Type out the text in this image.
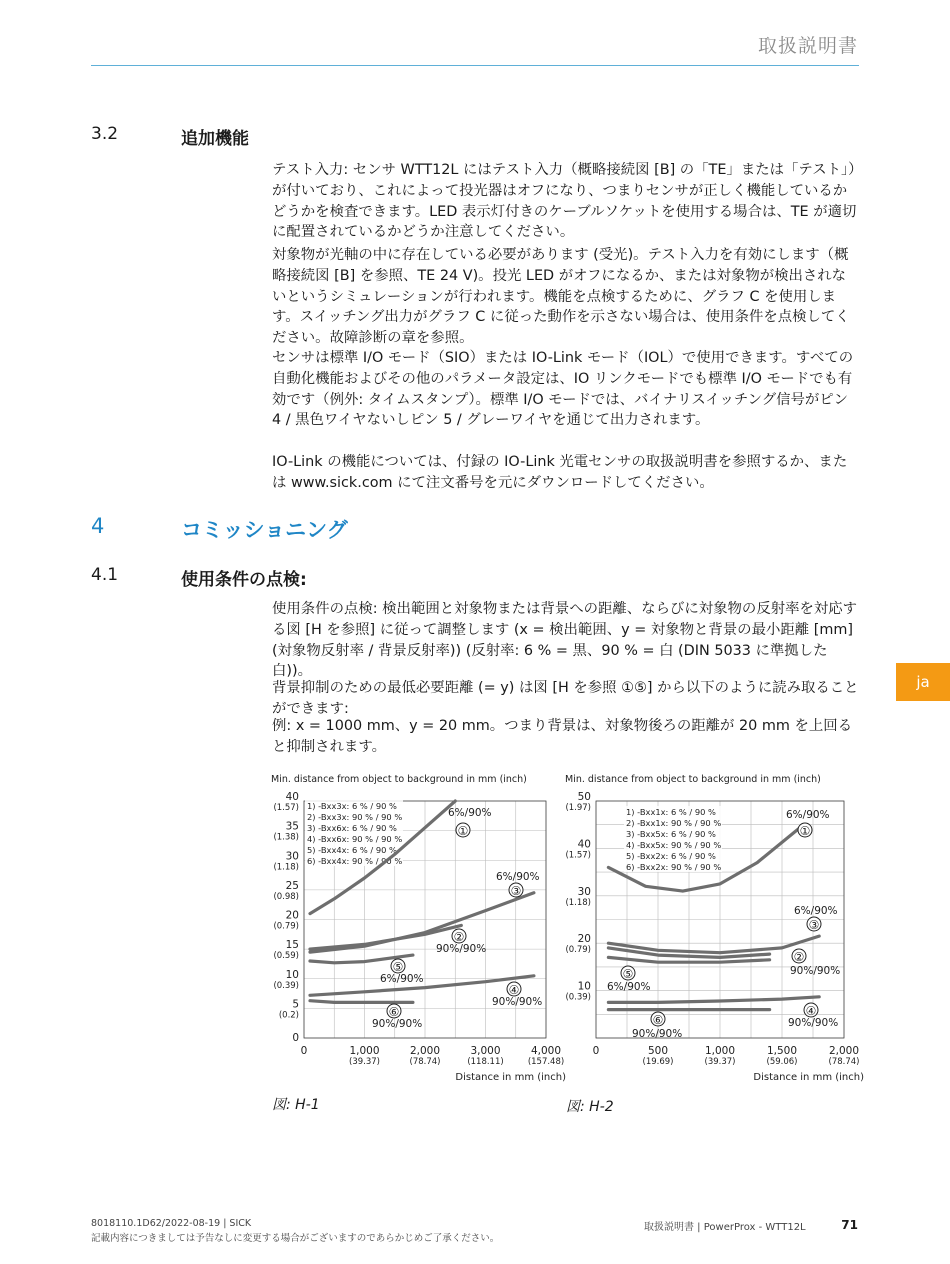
取扱説明書
3.2	追加機能

テスト入力: センサ WTT12L にはテスト入力（概略接続図 [B] の「TE」または「テスト」）が付いており、これによって投光器はオフになり、つまりセンサが正しく機能しているかどうかを検査できます。LED 表示灯付きのケーブルソケットを使用する場合は、TE が適切に配置されているかどうか注意してください。

対象物が光軸の中に存在している必要があります (受光)。テスト入力を有効にします（概略接続図 [B] を参照、TE 24 V)。投光 LED がオフになるか、または対象物が検出されないというシミュレーションが行われます。機能を点検するために、グラフ C を使用します。スイッチング出力がグラフ C に従った動作を示さない場合は、使用条件を点検してください。故障診断の章を参照。

センサは標準 I/O モード（SIO）または IO-Link モード（IOL）で使用できます。すべての自動化機能およびその他のパラメータ設定は、IO リンクモードでも標準 I/O モードでも有効です（例外: タイムスタンプ）。標準 I/O モードでは、バイナリスイッチング信号がピン 4 / 黒色ワイヤないしピン 5 / グレーワイヤを通じて出力されます。

IO-Link の機能については、付録の IO-Link 光電センサの取扱説明書を参照するか、または www.sick.com にて注文番号を元にダウンロードしてください。

4	コミッショニング
4.1	使用条件の点検:

使用条件の点検: 検出範囲と対象物または背景への距離、ならびに対象物の反射率を対応する図 [H を参照] に従って調整します (x = 検出範囲、y = 対象物と背景の最小距離 [mm] (対象物反射率 / 背景反射率)) (反射率: 6 % = 黒、90 % = 白 (DIN 5033 に準拠した白))。

背景抑制のための最低必要距離 (= y) は図 [H を参照 ①⑤] から以下のように読み取ることができます:

例: x = 1000 mm、y = 20 mm。つまり背景は、対象物後ろの距離が 20 mm を上回ると抑制されます。

ja
Min. distance from object to background in mm (inch)
40
(1.57)
35
(1.38)
30
(1.18)
25
(0.98)
20
(0.79)
15
(0.59)
10
(0.39)
5
(0.2)
0
0	1,000
(39.37)
2,000
(78.74)
3,000
(118.11)
4,000
(157.48)
Distance in mm (inch)
1) -Bxx3x: 6 % / 90 %
2) -Bxx3x: 90 % / 90 %
3) -Bxx6x: 6 % / 90 %
4) -Bxx6x: 90 % / 90 %
5) -Bxx4x: 6 % / 90 %
6) -Bxx4x: 90 % / 90 %
①
6%/90%
②
90%/90%
③
6%/90%
④
90%/90%
⑤
6%/90%
⑥
90%/90%
Min. distance from object to background in mm (inch)
50
(1.97)
40
(1.57)
30
(1.18)
20
(0.79)
10
(0.39)
0	500
(19.69)
1,000
(39.37)
1,500
(59.06)
2,000
(78.74)
Distance in mm (inch)
1) -Bxx1x: 6 % / 90 %
2) -Bxx1x: 90 % / 90 %
3) -Bxx5x: 6 % / 90 %
4) -Bxx5x: 90 % / 90 %
5) -Bxx2x: 6 % / 90 %
6) -Bxx2x: 90 % / 90 %
①
6%/90%
②
90%/90%
③
6%/90%
④
90%/90%
⑤
6%/90%
⑥
90%/90%
図: H-1	図: H-2
8018110.1D62/2022-08-19 | SICK
記載内容につきましては予告なしに変更する場合がございますのであらかじめご了承ください。
取扱説明書 | PowerProx - WTT12L	71
